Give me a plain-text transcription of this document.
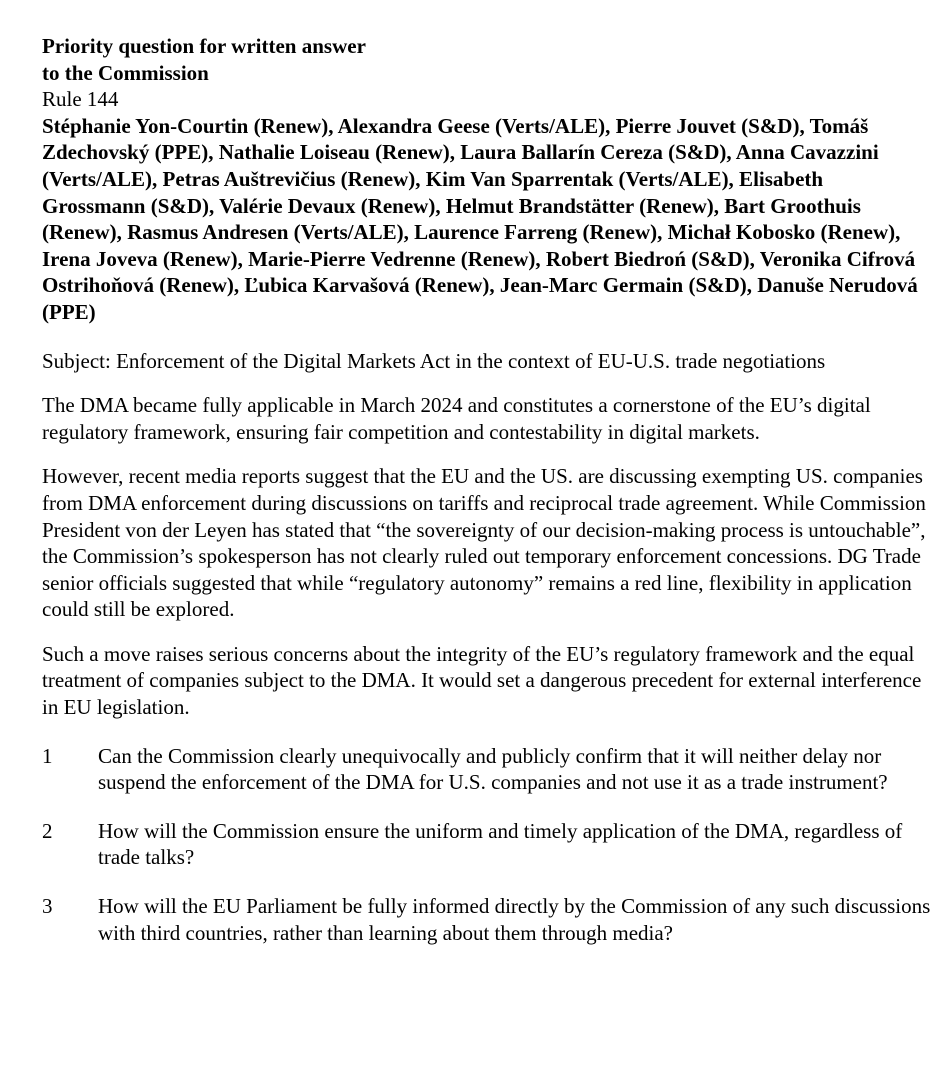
Priority question for written answer
to the Commission
Rule 144
Stéphanie Yon-Courtin (Renew), Alexandra Geese (Verts/ALE), Pierre Jouvet (S&D), Tomáš Zdechovský (PPE), Nathalie Loiseau (Renew), Laura Ballarín Cereza (S&D), Anna Cavazzini (Verts/ALE), Petras Auštrevičius (Renew), Kim Van Sparrentak (Verts/ALE), Elisabeth Grossmann (S&D), Valérie Devaux (Renew), Helmut Brandstätter (Renew), Bart Groothuis (Renew), Rasmus Andresen (Verts/ALE), Laurence Farreng (Renew), Michał Kobosko (Renew), Irena Joveva (Renew), Marie-Pierre Vedrenne (Renew), Robert Biedroń (S&D), Veronika Cifrová Ostrihoňová (Renew), Ľubica Karvašová (Renew), Jean-Marc Germain (S&D), Danuše Nerudová (PPE)
Subject: Enforcement of the Digital Markets Act in the context of EU-U.S. trade negotiations

The DMA became fully applicable in March 2024 and constitutes a cornerstone of the EU’s digital regulatory framework, ensuring fair competition and contestability in digital markets.

However, recent media reports suggest that the EU and the US. are discussing exempting US. companies from DMA enforcement during discussions on tariffs and reciprocal trade agreement. While Commission President von der Leyen has stated that “the sovereignty of our decision-making process is untouchable”, the Commission’s spokesperson has not clearly ruled out temporary enforcement concessions. DG Trade senior officials suggested that while “regulatory autonomy” remains a red line, flexibility in application could still be explored.

Such a move raises serious concerns about the integrity of the EU’s regulatory framework and the equal treatment of companies subject to the DMA. It would set a dangerous precedent for external interference in EU legislation.

1	Can the Commission clearly unequivocally and publicly confirm that it will neither delay nor suspend the enforcement of the DMA for U.S. companies and not use it as a trade instrument?
2	How will the Commission ensure the uniform and timely application of the DMA, regardless of trade talks?
3	How will the EU Parliament be fully informed directly by the Commission of any such discussions with third countries, rather than learning about them through media?
